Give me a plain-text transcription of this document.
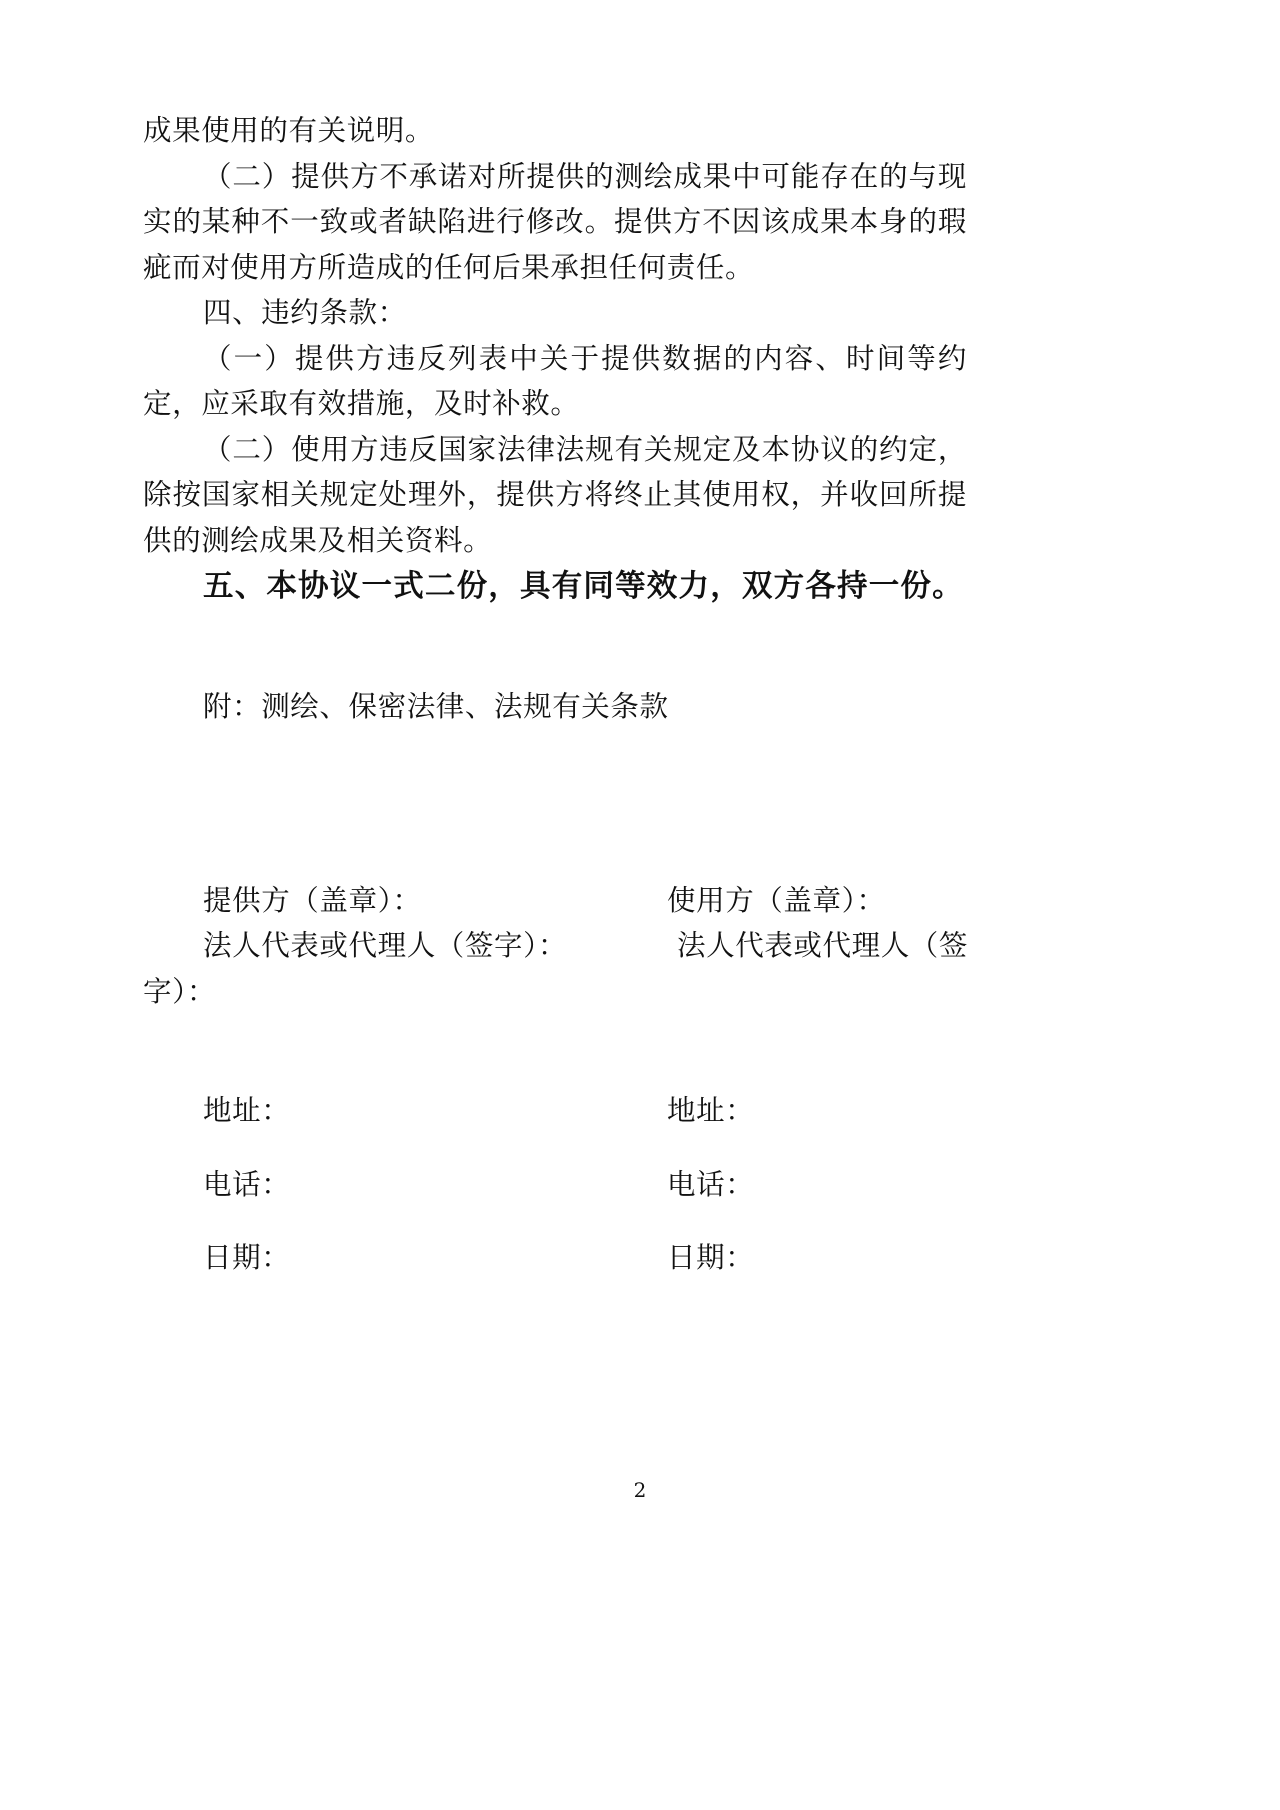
成果使用的有关说明。

（二）提供方不承诺对所提供的测绘成果中可能存在的与现实的某种不一致或者缺陷进行修改。提供方不因该成果本身的瑕疵而对使用方所造成的任何后果承担任何责任。

四、违约条款：

（一）提供方违反列表中关于提供数据的内容、时间等约定，应采取有效措施，及时补救。

（二）使用方违反国家法律法规有关规定及本协议的约定，除按国家相关规定处理外，提供方将终止其使用权，并收回所提供的测绘成果及相关资料。

五、本协议一式二份，具有同等效力，双方各持一份。

附：测绘、保密法律、法规有关条款

提供方（盖章）：	使用方（盖章）：
法人代表或代理人（签字）：	法人代表或代理人（签
字）：
地址：	地址：
电话：	电话：
日期：	日期：
2
